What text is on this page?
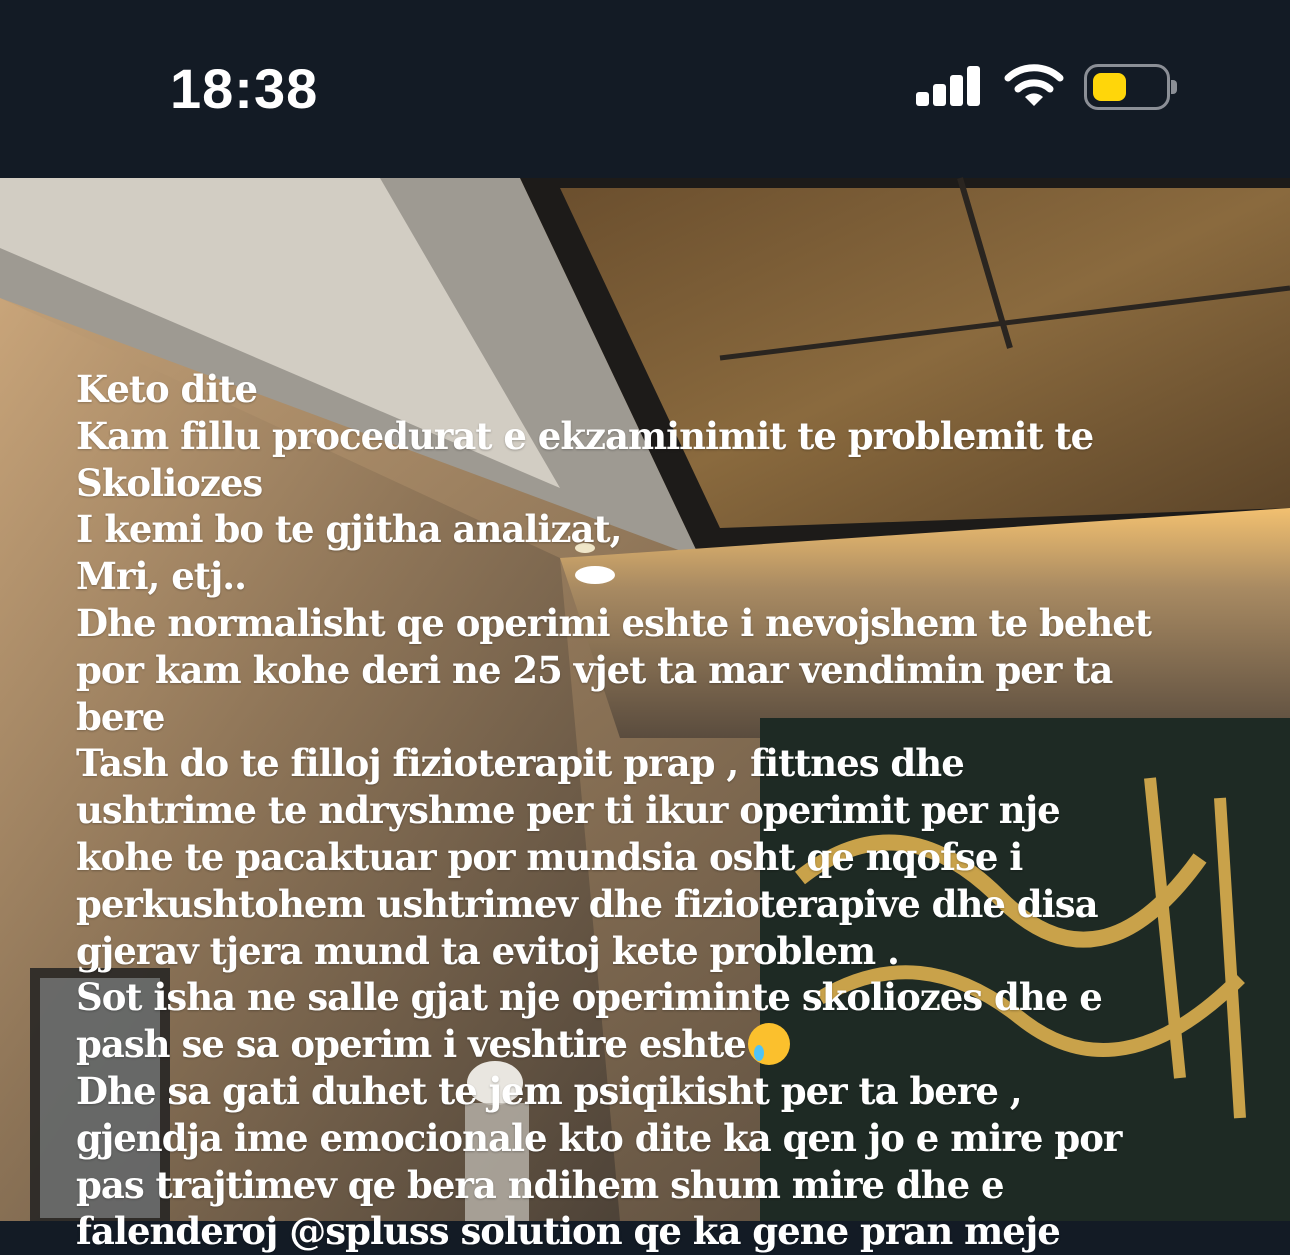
18:38
Keto dite
Kam fillu procedurat e ekzaminimit te problemit te
Skoliozes
I kemi bo te gjitha analizat,
Mri, etj..
Dhe normalisht qe operimi eshte i nevojshem te behet
por kam kohe deri ne 25 vjet ta mar vendimin per ta
bere
Tash do te filloj fizioterapit prap , fittnes dhe
ushtrime te ndryshme per ti ikur operimit per nje
kohe te pacaktuar por mundsia osht qe nqofse i
perkushtohem ushtrimev dhe fizioterapive dhe disa
gjerav tjera mund ta evitoj kete problem .
Sot isha ne salle gjat nje operiminte skoliozes dhe e
pash se sa operim i veshtire eshte
Dhe sa gati duhet te jem psiqikisht per ta bere ,
gjendja ime emocionale kto dite ka qen jo e mire por
pas trajtimev qe bera ndihem shum mire dhe e
falenderoj @spluss solution qe ka gene pran meje
